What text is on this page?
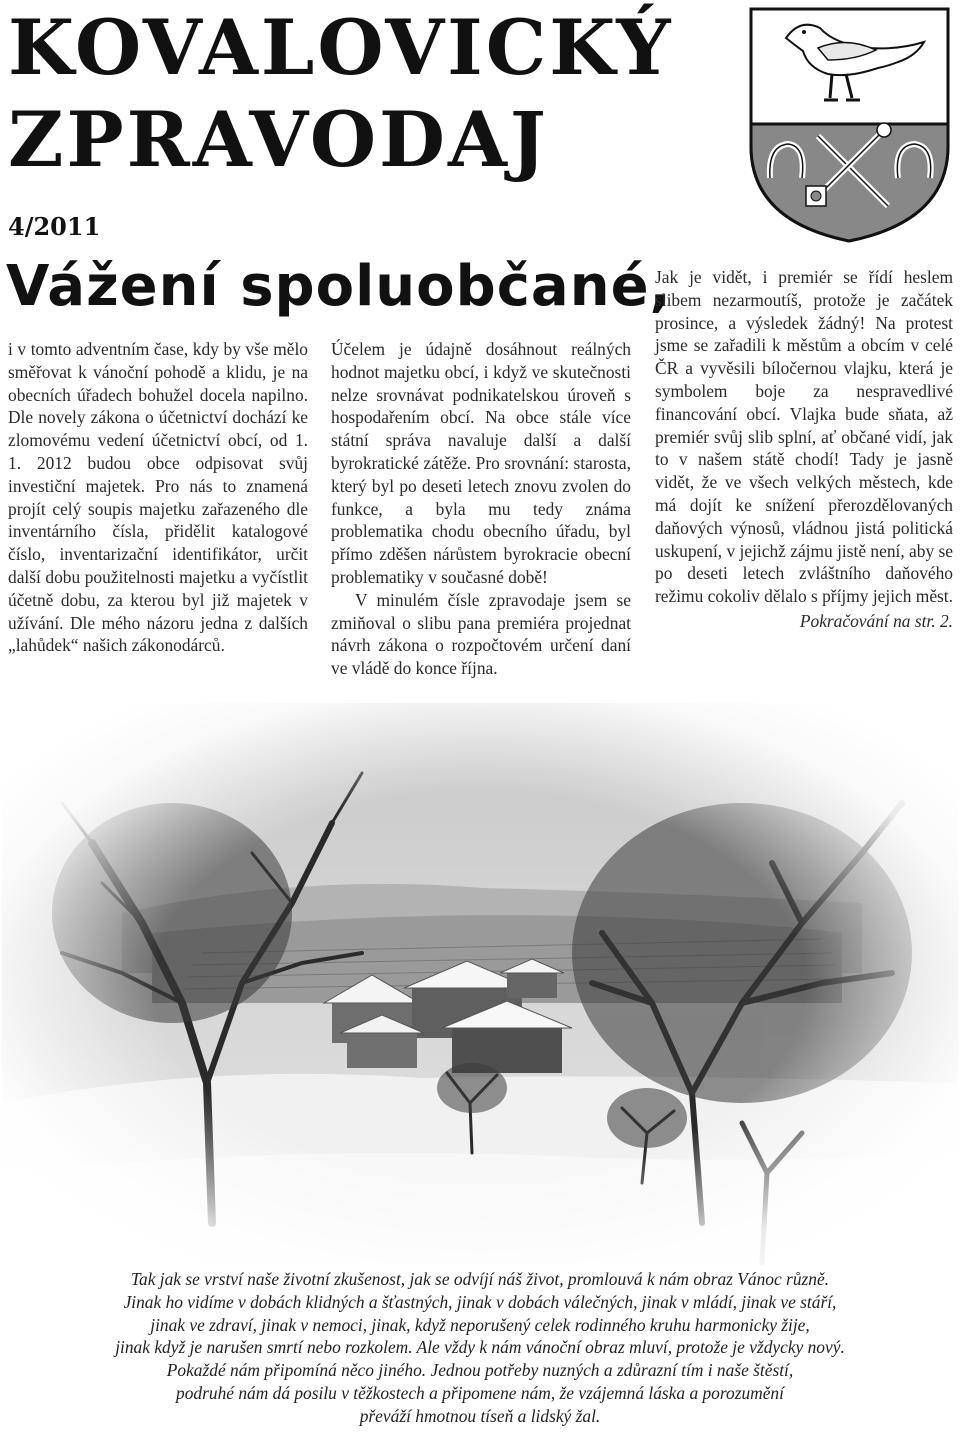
KOVALOVICKÝ
ZPRAVODAJ
4/2011
Vážení spoluobčané,

i v tomto adventním čase, kdy by vše mělo směřovat k vánoční pohodě a klidu, je na obecních úřadech bohužel docela napilno. Dle novely zákona o účetnictví dochází ke zlomovému vedení účetnictví obcí, od 1. 1. 2012 budou obce odpisovat svůj investiční majetek. Pro nás to znamená projít celý soupis majetku zařazeného dle inventárního čísla, přidělit katalogové číslo, inventarizační identifikátor, určit další dobu použitelnosti majetku a vyčístlit účetně dobu, za kterou byl již majetek v užívání. Dle mého názoru jedna z dalších „lahůdek“ našich zákonodárců.

Účelem je údajně dosáhnout reálných hodnot majetku obcí, i když ve skutečnosti nelze srovnávat podnikatelskou úroveň s hospodařením obcí. Na obce stále více státní správa navaluje další a další byrokratické zátěže. Pro srovnání: starosta, který byl po deseti letech znovu zvolen do funkce, a byla mu tedy známa problematika chodu obecního úřadu, byl přímo zděšen nárůstem byrokracie obecní problematiky v současné době!

V minulém čísle zpravodaje jsem se zmiňoval o slibu pana premiéra projednat návrh zákona o rozpočtovém určení daní ve vládě do konce října.

Jak je vidět, i premiér se řídí heslem slibem nezarmoutíš, protože je začátek prosince, a výsledek žádný! Na protest jsme se zařadili k městům a obcím v celé ČR a vyvěsili bíločernou vlajku, která je symbolem boje za nespravedlivé financování obcí. Vlajka bude sňata, až premiér svůj slib splní, ať občané vidí, jak to v našem státě chodí! Tady je jasně vidět, že ve všech velkých městech, kde má dojít ke snížení přerozdělovaných daňových výnosů, vládnou jistá politická uskupení, v jejichž zájmu jistě není, aby se po deseti letech zvláštního daňového režimu cokoliv dělalo s příjmy jejich měst.

Pokračování na str. 2.

Tak jak se vrství naše životní zkušenost, jak se odvíjí náš život, promlouvá k nám obraz Vánoc různě.
Jinak ho vidíme v dobách klidných a šťastných, jinak v dobách válečných, jinak v mládí, jinak ve stáří,
jinak ve zdraví, jinak v nemoci, jinak, když neporušený celek rodinného kruhu harmonicky žije,
jinak když je narušen smrtí nebo rozkolem. Ale vždy k nám vánoční obraz mluví, protože je vždycky nový.
Pokaždé nám připomíná něco jiného. Jednou potřeby nuzných a zdůrazní tím i naše štěstí,
podruhé nám dá posilu v těžkostech a připomene nám, že vzájemná láska a porozumění
převáží hmotnou tíseň a lidský žal.
